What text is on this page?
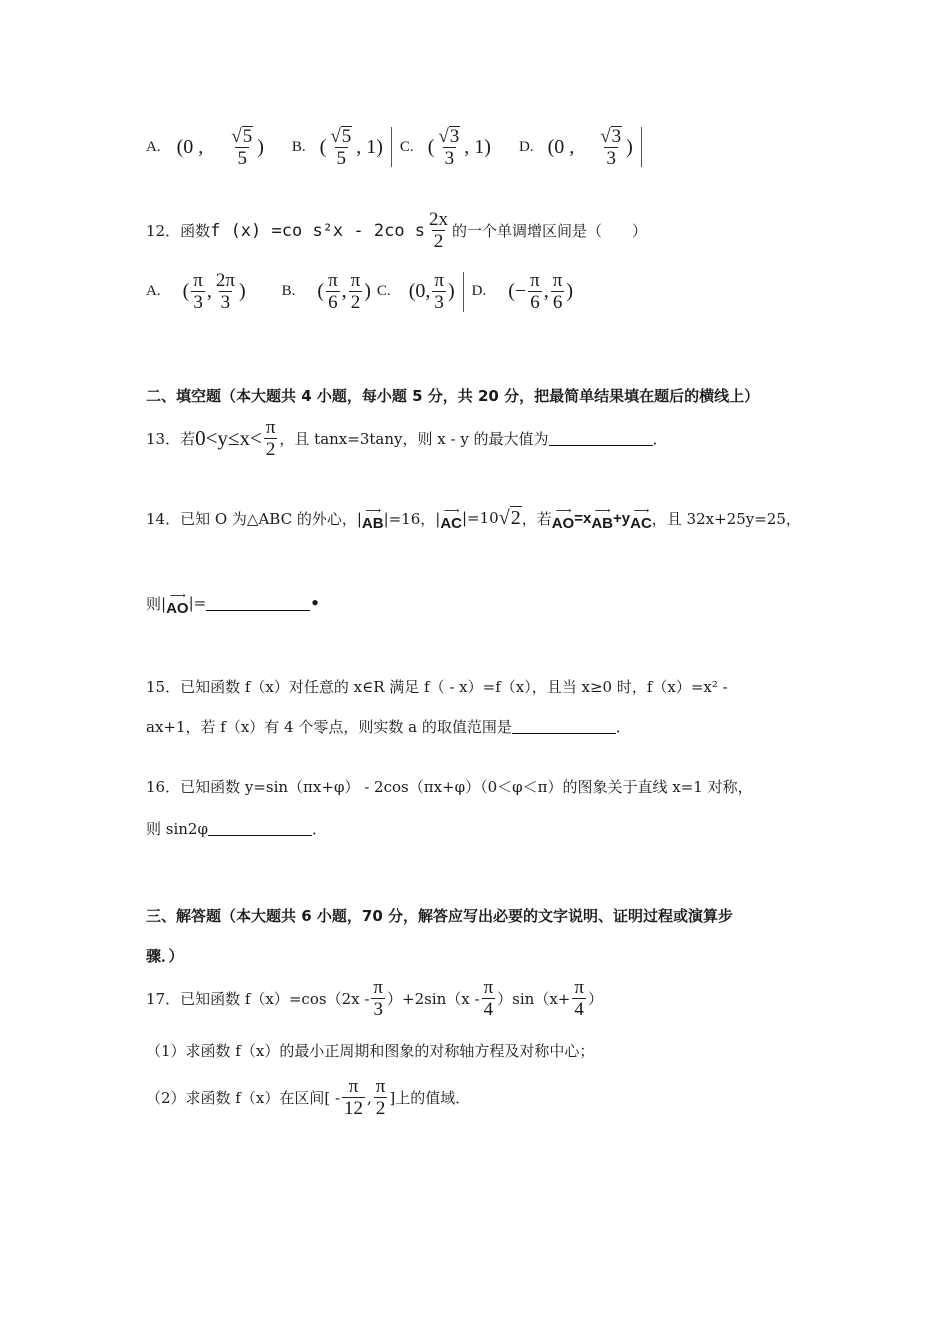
A. (0 , $\frac{√ 5}{5}$ ) B. ( $\frac{√ 5}{5}$ , 1) C. ( $\frac{√ 3}{3}$ , 1) D. (0 , $\frac{√ 3}{3}$ )
12．函数 f (x) =co s²x - 2co s $\frac{2x}{2}$ 的一个单调增区间是（　　）
A. ( $\frac{\pi}{3}$ , $\frac{2\pi}{3}$ ) B. ( $\frac{\pi}{6}$ , $\frac{\pi}{2}$ ) C. (0, $\frac{\pi}{3}$ ) D. (− $\frac{\pi}{6}$ , $\frac{\pi}{6}$ )
二、填空题（本大题共 4 小题，每小题 5 分，共 20 分，把最简单结果填在题后的横线上）
13．若 $0<y\le x< \frac{\pi}{2}$ ，且 tanx=3tany，则 x - y 的最大值为	．
14．已知 O 为△ABC 的外心，| ⟶
AB |=16，| ⟶
AC |=10 √ 2 ，若 ⟶
AO =x ⟶
AB +y ⟶
AC ，且 32x+25y=25，
则| ⟶
AO |=	•
15．已知函数 f（x）对任意的 x∈R 满足 f（ - x）=f（x），且当 x≥0 时，f（x）=x² -
ax+1，若 f（x）有 4 个零点，则实数 a 的取值范围是	．
16．已知函数 y=sin（πx+φ） - 2cos（πx+φ）（0＜φ＜π）的图象关于直线 x=1 对称，
则 sin2φ	．
三、解答题（本大题共 6 小题，70 分，解答应写出必要的文字说明、证明过程或演算步
骤．）
17．已知函数 $f(x)=\cos(2x - \frac{\pi}{3} )+2\sin(x - \frac{\pi}{4} )\sin(x+ \frac{\pi}{4}$ ）
（1）求函数 f（x）的最小正周期和图象的对称轴方程及对称中心；
（2）求函数 f（x）在区间[ - $\frac{\pi}{12}$ , $\frac{\pi}{2}$ ]上的值域．
